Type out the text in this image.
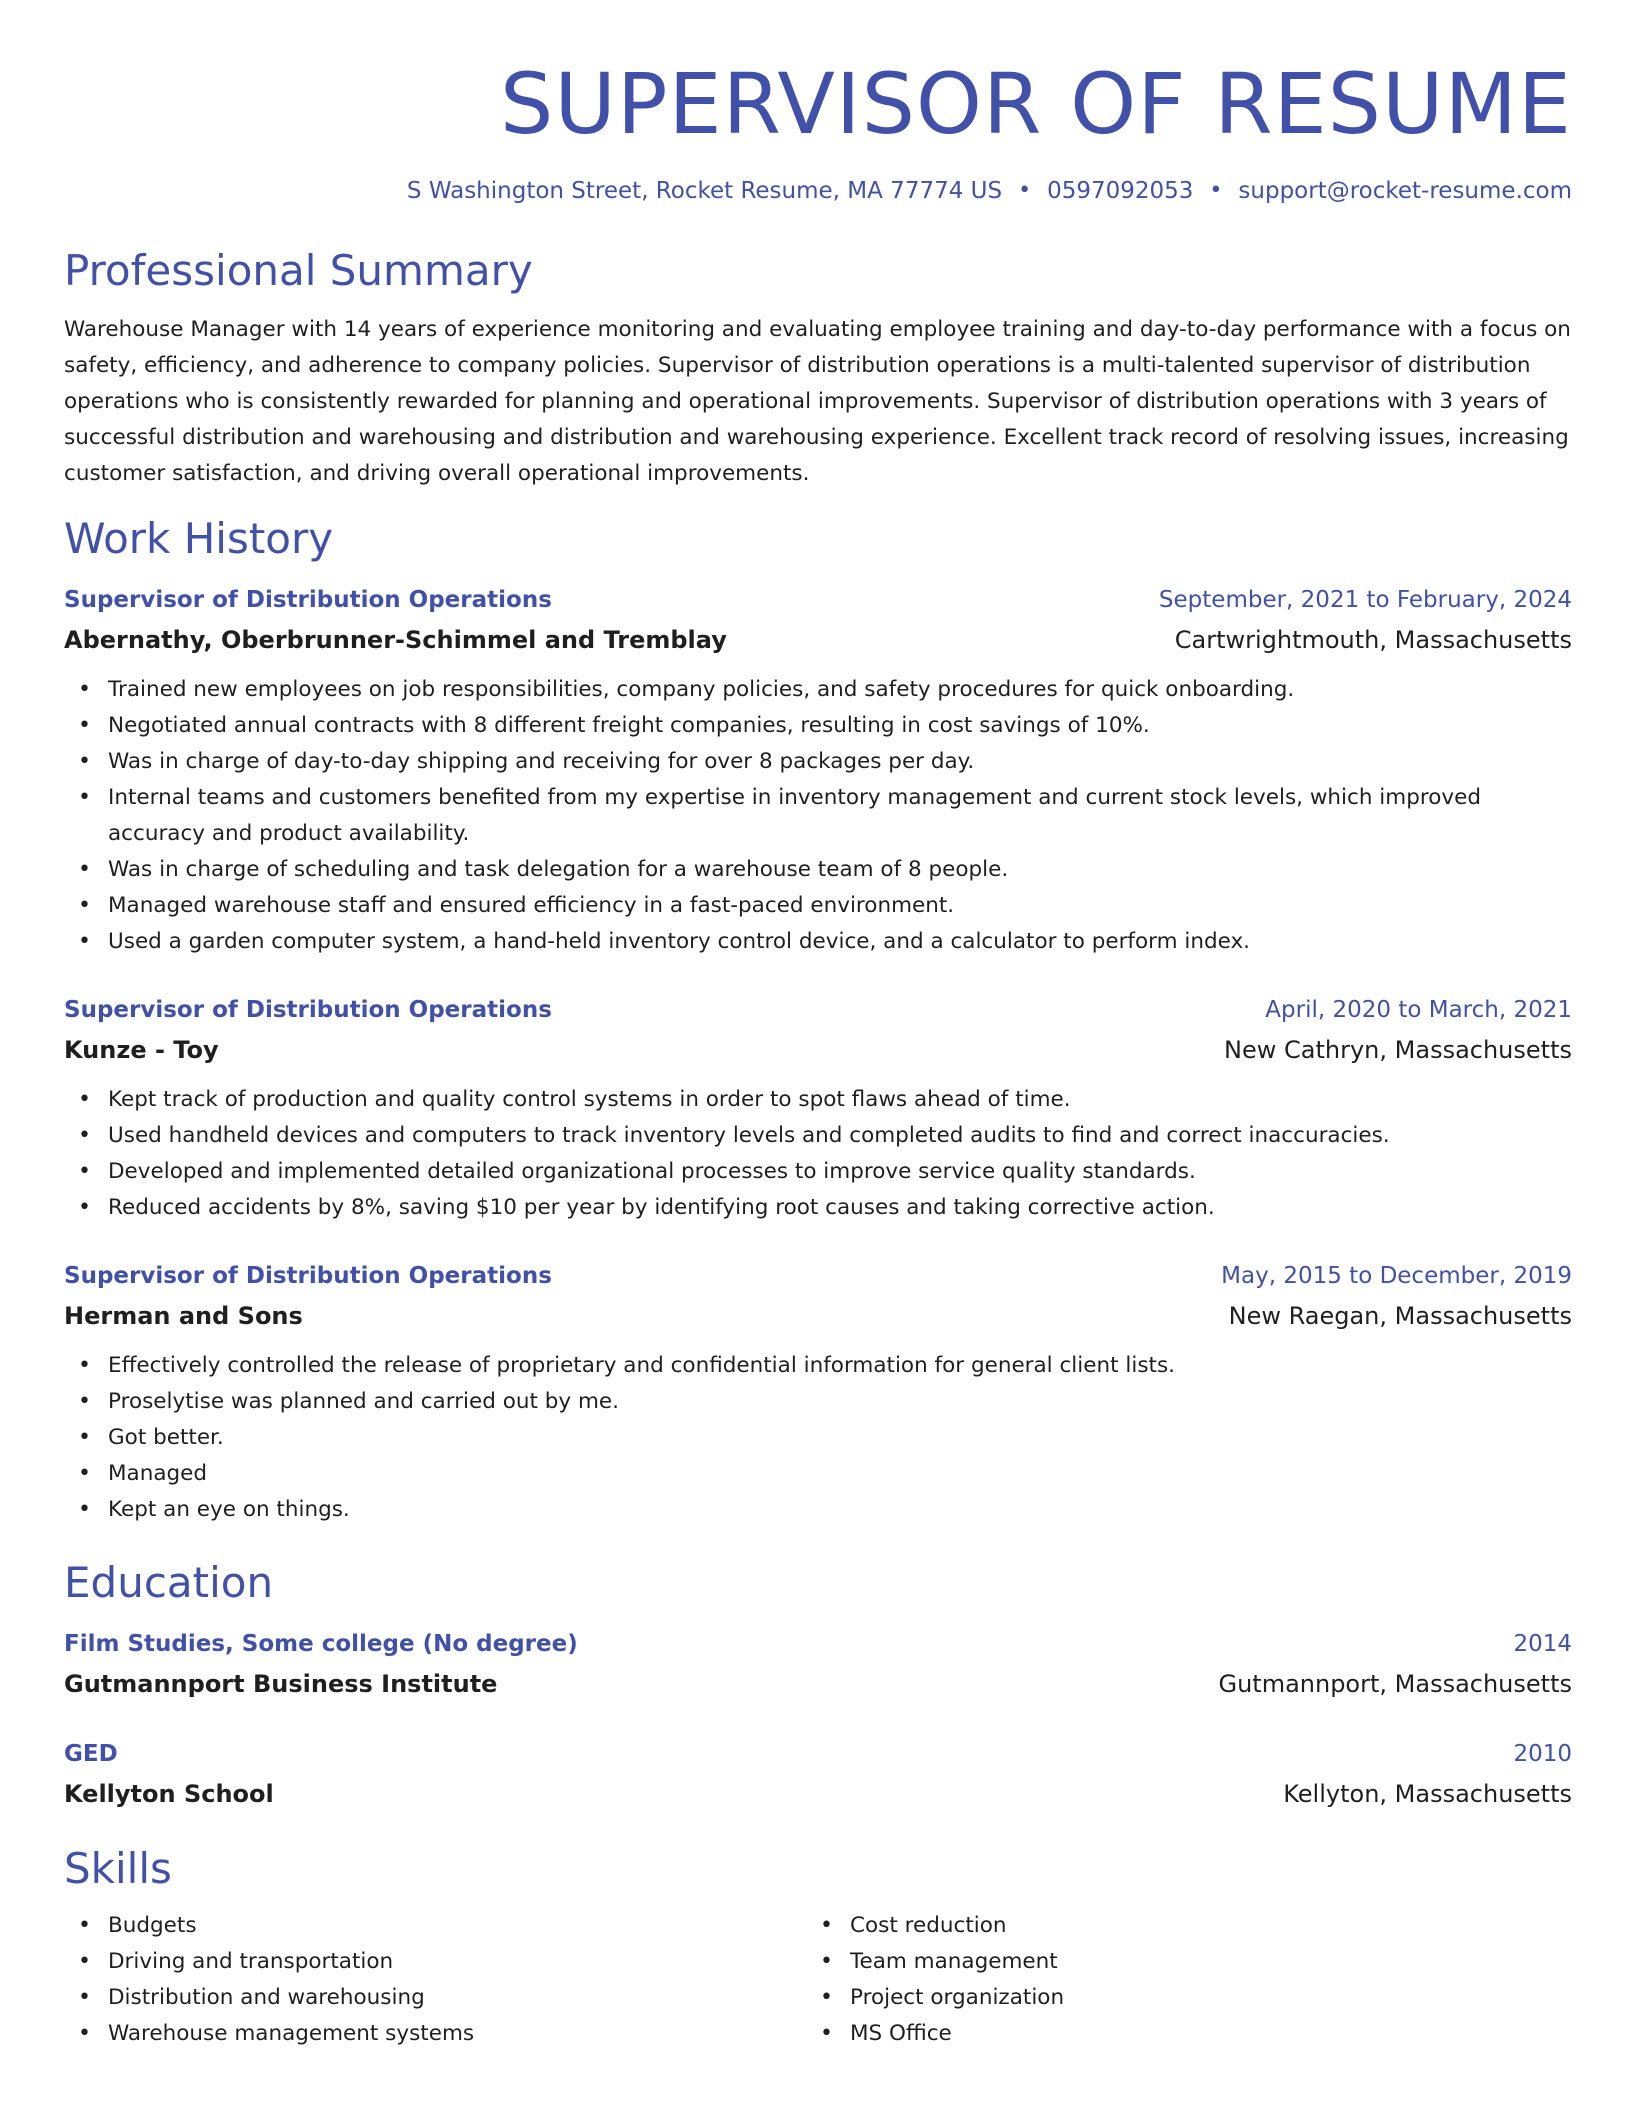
SUPERVISOR OF RESUME
S Washington Street, Rocket Resume, MA 77774 US • 0597092053 • support@rocket-resume.com
Professional Summary
Warehouse Manager with 14 years of experience monitoring and evaluating employee training and day-to-day performance with a focus on safety, efficiency, and adherence to company policies. Supervisor of distribution operations is a multi-talented supervisor of distribution operations who is consistently rewarded for planning and operational improvements. Supervisor of distribution operations with 3 years of successful distribution and warehousing and distribution and warehousing experience. Excellent track record of resolving issues, increasing customer satisfaction, and driving overall operational improvements.
Work History
Supervisor of Distribution Operations	September, 2021 to February, 2024
Abernathy, Oberbrunner-Schimmel and Tremblay	Cartwrightmouth, Massachusetts
• Trained new employees on job responsibilities, company policies, and safety procedures for quick onboarding.
• Negotiated annual contracts with 8 different freight companies, resulting in cost savings of 10%.
• Was in charge of day-to-day shipping and receiving for over 8 packages per day.
• Internal teams and customers benefited from my expertise in inventory management and current stock levels, which improved accuracy and product availability.
• Was in charge of scheduling and task delegation for a warehouse team of 8 people.
• Managed warehouse staff and ensured efficiency in a fast-paced environment.
• Used a garden computer system, a hand-held inventory control device, and a calculator to perform index.
Supervisor of Distribution Operations	April, 2020 to March, 2021
Kunze - Toy	New Cathryn, Massachusetts
• Kept track of production and quality control systems in order to spot flaws ahead of time.
• Used handheld devices and computers to track inventory levels and completed audits to find and correct inaccuracies.
• Developed and implemented detailed organizational processes to improve service quality standards.
• Reduced accidents by 8%, saving $10 per year by identifying root causes and taking corrective action.
Supervisor of Distribution Operations	May, 2015 to December, 2019
Herman and Sons	New Raegan, Massachusetts
• Effectively controlled the release of proprietary and confidential information for general client lists.
• Proselytise was planned and carried out by me.
• Got better.
• Managed
• Kept an eye on things.
Education
Film Studies, Some college (No degree)	2014
Gutmannport Business Institute	Gutmannport, Massachusetts
GED	2010
Kellyton School	Kellyton, Massachusetts
Skills
• Budgets
• Driving and transportation
• Distribution and warehousing
• Warehouse management systems
• Cost reduction
• Team management
• Project organization
• MS Office
